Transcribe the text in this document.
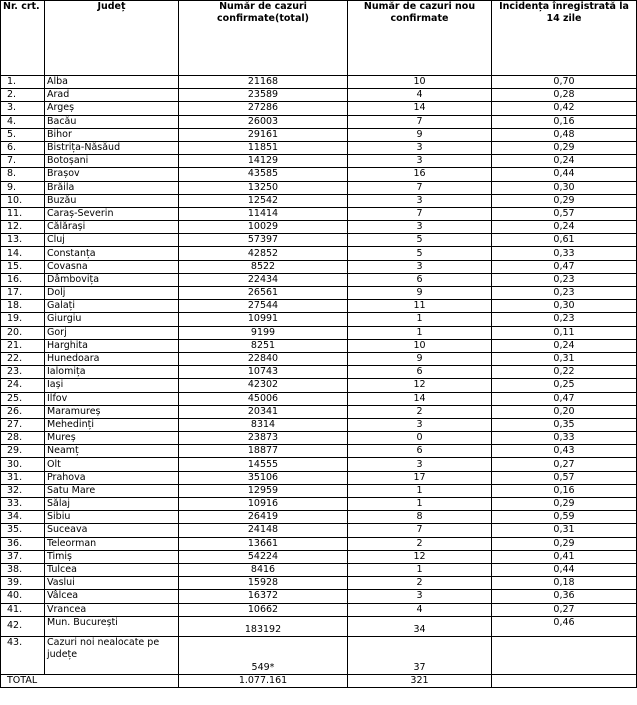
Nr. crt.	Județ	Număr de cazuri confirmate(total)	Număr de cazuri nou confirmate	Incidența înregistrată la 14 zile
1.	Alba	21168	10	0,70
2.	Arad	23589	4	0,28
3.	Argeș	27286	14	0,42
4.	Bacău	26003	7	0,16
5.	Bihor	29161	9	0,48
6.	Bistrița-Năsăud	11851	3	0,29
7.	Botoșani	14129	3	0,24
8.	Brașov	43585	16	0,44
9.	Brăila	13250	7	0,30
10.	Buzău	12542	3	0,29
11.	Caraș-Severin	11414	7	0,57
12.	Călărași	10029	3	0,24
13.	Cluj	57397	5	0,61
14.	Constanța	42852	5	0,33
15.	Covasna	8522	3	0,47
16.	Dâmbovița	22434	6	0,23
17.	Dolj	26561	9	0,23
18.	Galați	27544	11	0,30
19.	Giurgiu	10991	1	0,23
20.	Gorj	9199	1	0,11
21.	Harghita	8251	10	0,24
22.	Hunedoara	22840	9	0,31
23.	Ialomița	10743	6	0,22
24.	Iași	42302	12	0,25
25.	Ilfov	45006	14	0,47
26.	Maramureș	20341	2	0,20
27.	Mehedinți	8314	3	0,35
28.	Mureș	23873	0	0,33
29.	Neamț	18877	6	0,43
30.	Olt	14555	3	0,27
31.	Prahova	35106	17	0,57
32.	Satu Mare	12959	1	0,16
33.	Sălaj	10916	1	0,29
34.	Sibiu	26419	8	0,59
35.	Suceava	24148	7	0,31
36.	Teleorman	13661	2	0,29
37.	Timiș	54224	12	0,41
38.	Tulcea	8416	1	0,44
39.	Vaslui	15928	2	0,18
40.	Vâlcea	16372	3	0,36
41.	Vrancea	10662	4	0,27
42.	Mun. București	183192	34	0,46
43.	Cazuri noi nealocate pe județe	549*	37	
TOTAL		1.077.161	321	
